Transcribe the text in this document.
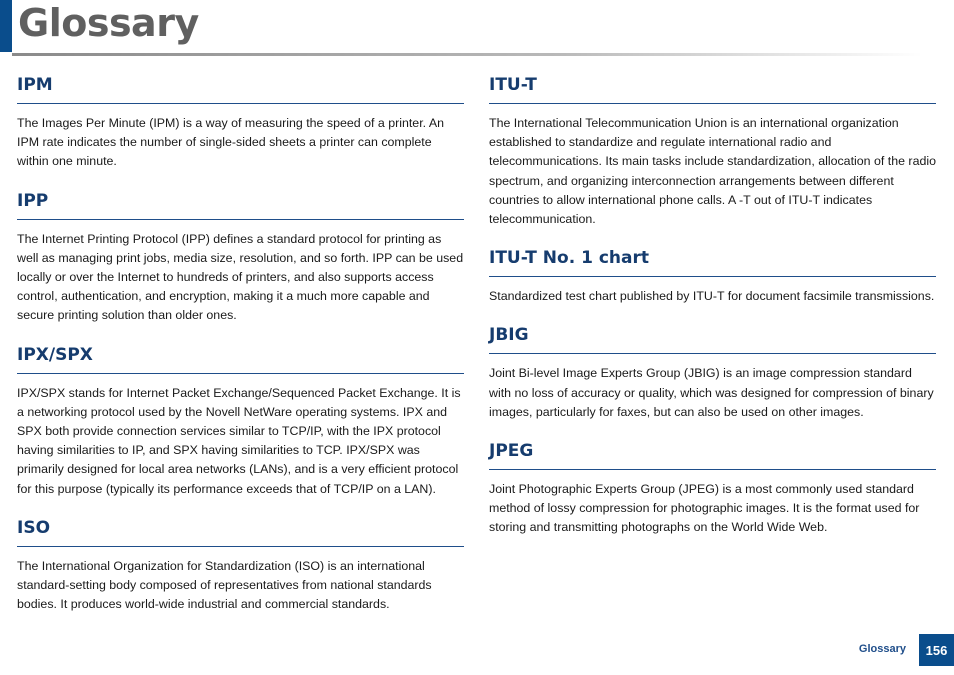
Glossary
IPM

The Images Per Minute (IPM) is a way of measuring the speed of a printer. An IPM rate indicates the number of single-sided sheets a printer can complete within one minute.

IPP

The Internet Printing Protocol (IPP) defines a standard protocol for printing as well as managing print jobs, media size, resolution, and so forth. IPP can be used locally or over the Internet to hundreds of printers, and also supports access control, authentication, and encryption, making it a much more capable and secure printing solution than older ones.

IPX/SPX

IPX/SPX stands for Internet Packet Exchange/Sequenced Packet Exchange. It is a networking protocol used by the Novell NetWare operating systems. IPX and SPX both provide connection services similar to TCP/IP, with the IPX protocol having similarities to IP, and SPX having similarities to TCP. IPX/SPX was primarily designed for local area networks (LANs), and is a very efficient protocol for this purpose (typically its performance exceeds that of TCP/IP on a LAN).

ISO

The International Organization for Standardization (ISO) is an international standard-setting body composed of representatives from national standards bodies. It produces world-wide industrial and commercial standards.

ITU-T

The International Telecommunication Union is an international organization established to standardize and regulate international radio and telecommunications. Its main tasks include standardization, allocation of the radio spectrum, and organizing interconnection arrangements between different countries to allow international phone calls. A -T out of ITU-T indicates telecommunication.

ITU-T No. 1 chart

Standardized test chart published by ITU-T for document facsimile transmissions.

JBIG

Joint Bi-level Image Experts Group (JBIG) is an image compression standard with no loss of accuracy or quality, which was designed for compression of binary images, particularly for faxes, but can also be used on other images.

JPEG

Joint Photographic Experts Group (JPEG) is a most commonly used standard method of lossy compression for photographic images. It is the format used for storing and transmitting photographs on the World Wide Web.

Glossary	156
